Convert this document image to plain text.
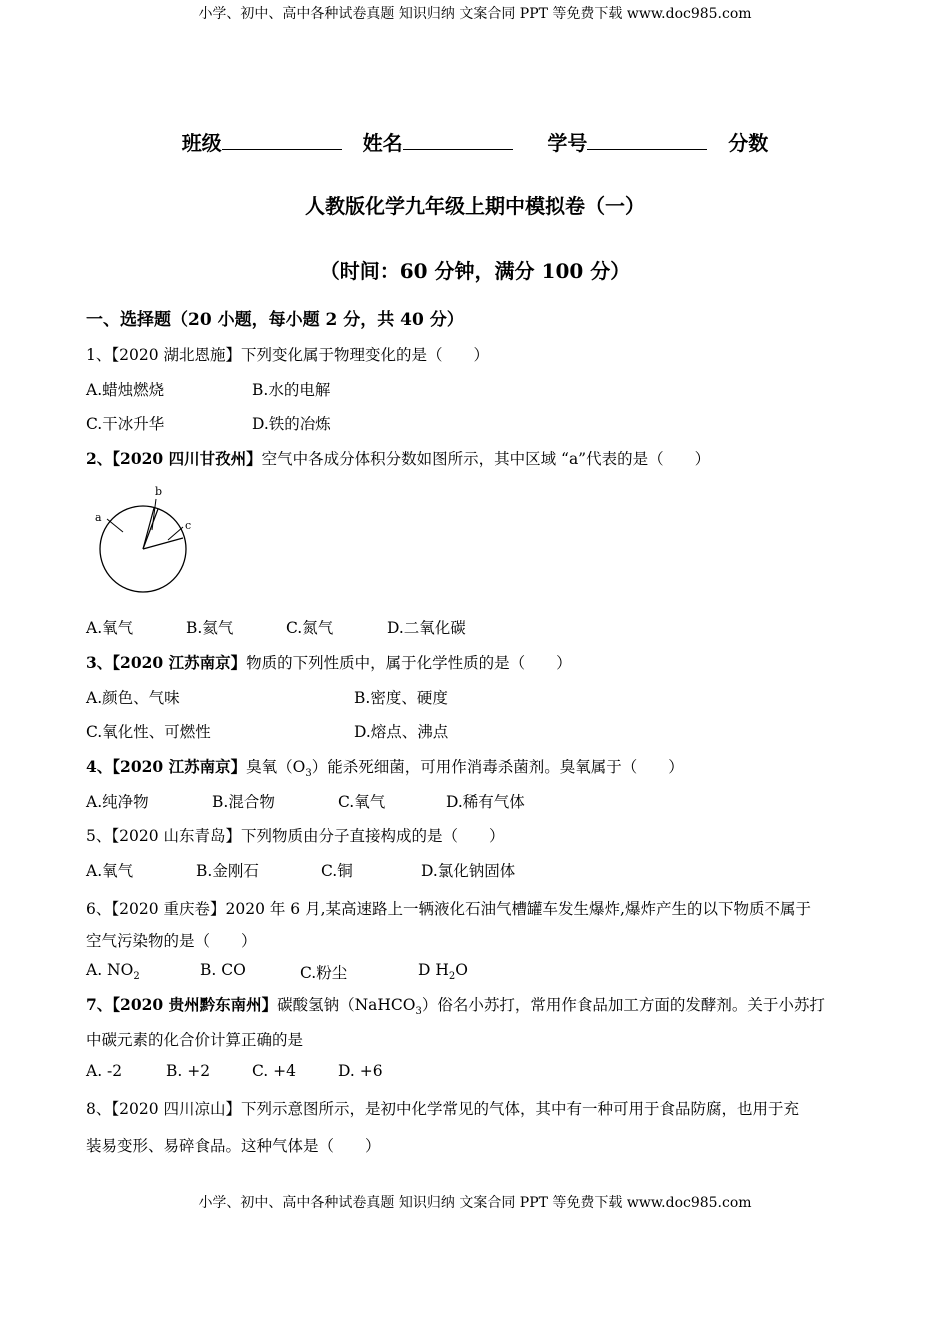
小学、初中、高中各种试卷真题 知识归纳 文案合同 PPT 等免费下载 www.doc985.com
班级	姓名	学号	分数
人教版化学九年级上期中模拟卷（一）
（时间：60 分钟，满分 100 分）
一、选择题（20 小题，每小题 2 分，共 40 分）
1、【2020 湖北恩施】下列变化属于物理变化的是（　　）
A.蜡烛燃烧	B.水的电解
C.干冰升华	D.铁的冶炼
2、【2020 四川甘孜州】空气中各成分体积分数如图所示，其中区域 “a”代表的是（　　）
a
b
c
A.氧气	B.氦气	C.氮气	D.二氧化碳
3、【2020 江苏南京】物质的下列性质中，属于化学性质的是（　　）
A.颜色、气味	B.密度、硬度
C.氧化性、可燃性	D.熔点、沸点
4、【2020 江苏南京】臭氧$(O_3)$能杀死细菌，可用作消毒杀菌剂。臭氧属于（　　）
A.纯净物	B.混合物	C.氧气	D.稀有气体
5、【2020 山东青岛】下列物质由分子直接构成的是（　　）
A.氧气	B.金刚石	C.铜	D.氯化钠固体
6、【2020 重庆卷】2020 年 6 月,某高速路上一辆液化石油气槽罐车发生爆炸,爆炸产生的以下物质不属于
空气污染物的是（　　）
A. $NO_2$	B. CO	C.粉尘	D $H_2O$
7、【2020 贵州黔东南州】碳酸氢钠（NaHCO$_3$）俗名小苏打，常用作食品加工方面的发酵剂。关于小苏打
中碳元素的化合价计算正确的是
A. -2	B. +2	C. +4	D. +6
8、【2020 四川凉山】下列示意图所示，是初中化学常见的气体，其中有一种可用于食品防腐，也用于充
装易变形、易碎食品。这种气体是（　　）
小学、初中、高中各种试卷真题 知识归纳 文案合同 PPT 等免费下载 www.doc985.com
